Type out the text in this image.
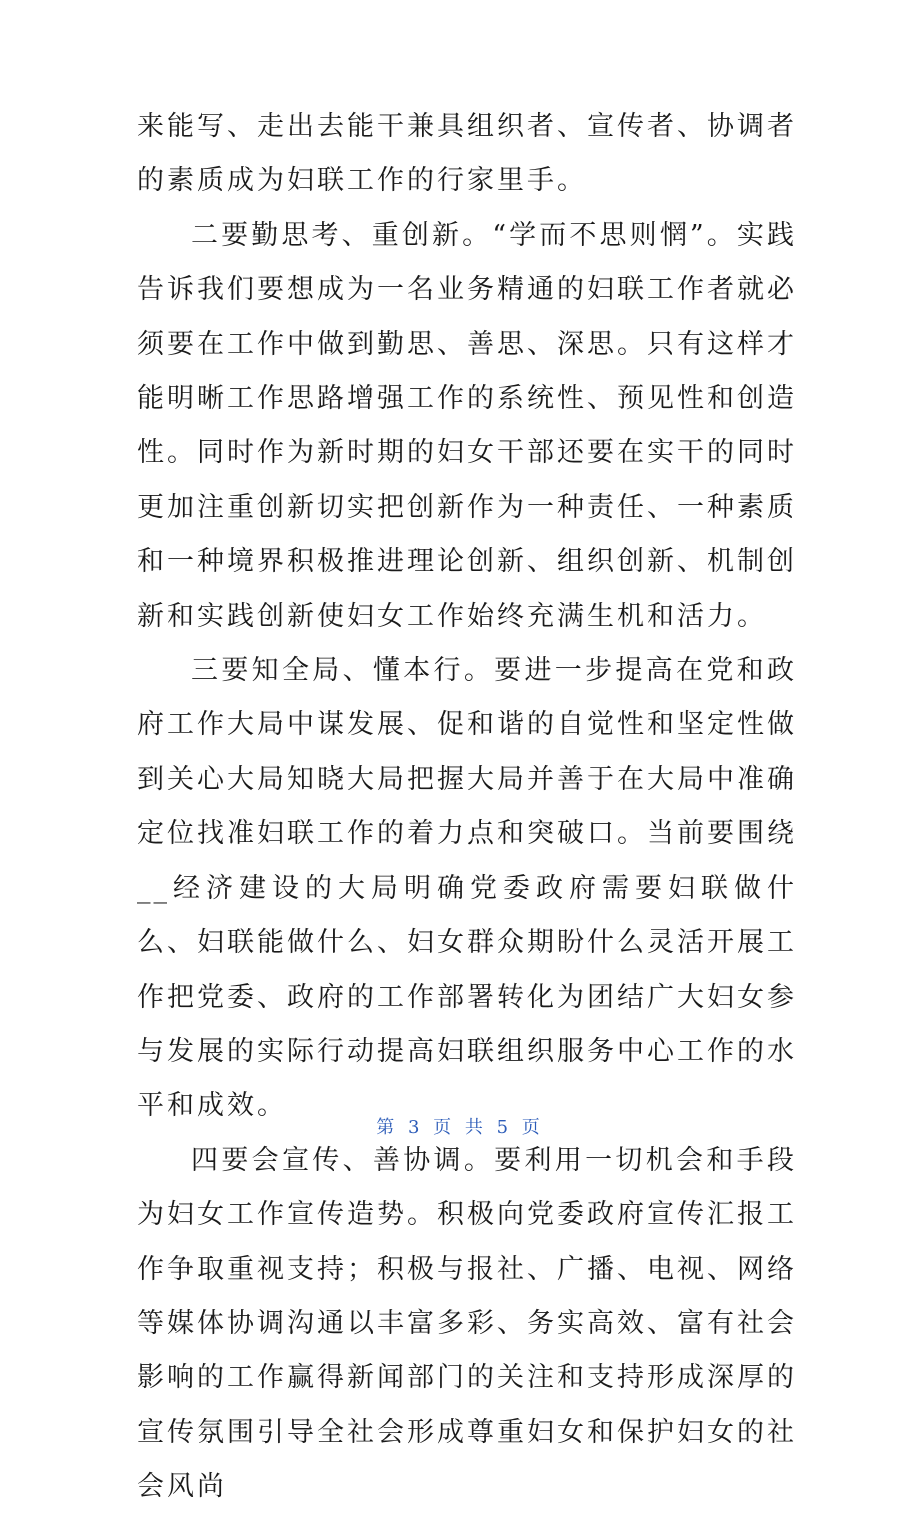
来能写、走出去能干兼具组织者、宣传者、协调者的素质成为妇联工作的行家里手。

二要勤思考、重创新。“学而不思则惘”。实践告诉我们要想成为一名业务精通的妇联工作者就必须要在工作中做到勤思、善思、深思。只有这样才能明晰工作思路增强工作的系统性、预见性和创造性。同时作为新时期的妇女干部还要在实干的同时更加注重创新切实把创新作为一种责任、一种素质和一种境界积极推进理论创新、组织创新、机制创新和实践创新使妇女工作始终充满生机和活力。

三要知全局、懂本行。要进一步提高在党和政府工作大局中谋发展、促和谐的自觉性和坚定性做到关心大局知晓大局把握大局并善于在大局中准确定位找准妇联工作的着力点和突破口。当前要围绕__经济建设的大局明确党委政府需要妇联做什么、妇联能做什么、妇女群众期盼什么灵活开展工作把党委、政府的工作部署转化为团结广大妇女参与发展的实际行动提高妇联组织服务中心工作的水平和成效。

四要会宣传、善协调。要利用一切机会和手段为妇女工作宣传造势。积极向党委政府宣传汇报工作争取重视支持；积极与报社、广播、电视、网络等媒体协调沟通以丰富多彩、务实高效、富有社会影响的工作赢得新闻部门的关注和支持形成深厚的宣传氛围引导全社会形成尊重妇女和保护妇女的社会风尚

第 3 页 共 5 页
